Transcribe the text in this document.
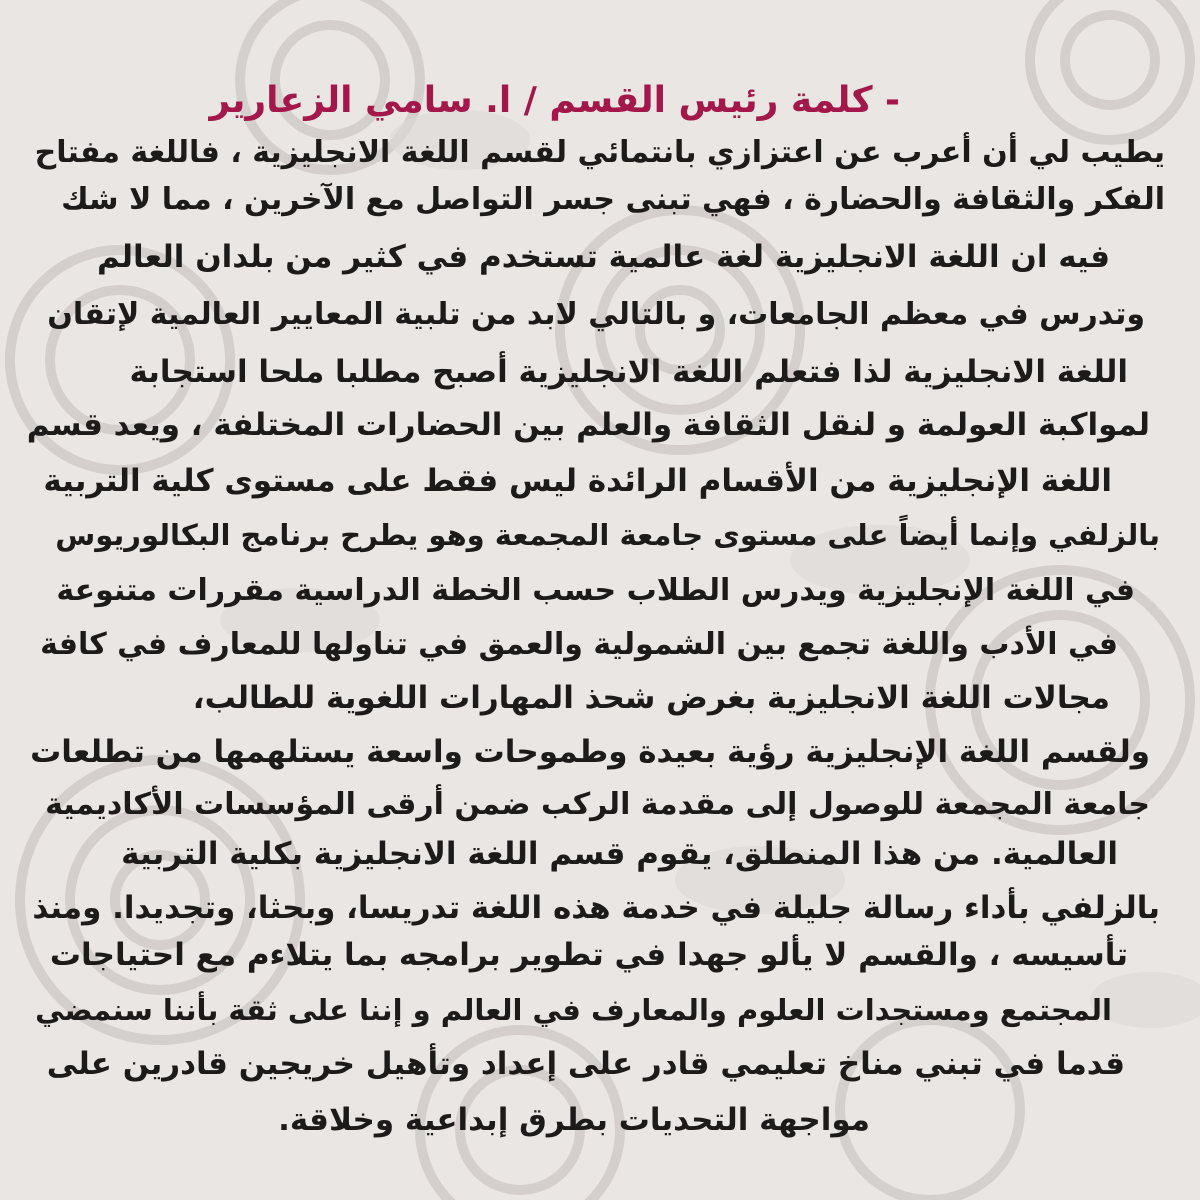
- كلمة رئيس القسم / ا. سامي الزعارير
يطيب لي أن أعرب عن اعتزازي بانتمائي لقسم اللغة الانجليزية ، فاللغة مفتاح
الفكر والثقافة والحضارة ، فهي تبنى جسر التواصل مع الآخرين ، مما لا شك
فيه ان اللغة الانجليزية لغة عالمية تستخدم في كثير من بلدان العالم
وتدرس في معظم الجامعات، و بالتالي لابد من تلبية المعايير العالمية لإتقان
اللغة الانجليزية لذا فتعلم اللغة الانجليزية أصبح مطلبا ملحا استجابة
لمواكبة العولمة و لنقل الثقافة والعلم بين الحضارات المختلفة ، ويعد قسم
اللغة الإنجليزية من الأقسام الرائدة ليس فقط على مستوى كلية التربية
بالزلفي وإنما أيضاً على مستوى جامعة المجمعة وهو يطرح برنامج البكالوريوس
في اللغة الإنجليزية ويدرس الطلاب حسب الخطة الدراسية مقررات متنوعة
في الأدب واللغة تجمع بين الشمولية والعمق في تناولها للمعارف في كافة
مجالات اللغة الانجليزية بغرض شحذ المهارات اللغوية للطالب،
ولقسم اللغة الإنجليزية رؤية بعيدة وطموحات واسعة يستلهمها من تطلعات
جامعة المجمعة للوصول إلى مقدمة الركب ضمن أرقى المؤسسات الأكاديمية
العالمية. من هذا المنطلق، يقوم قسم اللغة الانجليزية بكلية التربية
بالزلفي بأداء رسالة جليلة في خدمة هذه اللغة تدريسا، وبحثا، وتجديدا. ومنذ
تأسيسه ، والقسم لا يألو جهدا في تطوير برامجه بما يتلاءم مع احتياجات
المجتمع ومستجدات العلوم والمعارف في العالم و إننا على ثقة بأننا سنمضي
قدما في تبني مناخ تعليمي قادر على إعداد وتأهيل خريجين قادرين على
مواجهة التحديات بطرق إبداعية وخلاقة.
